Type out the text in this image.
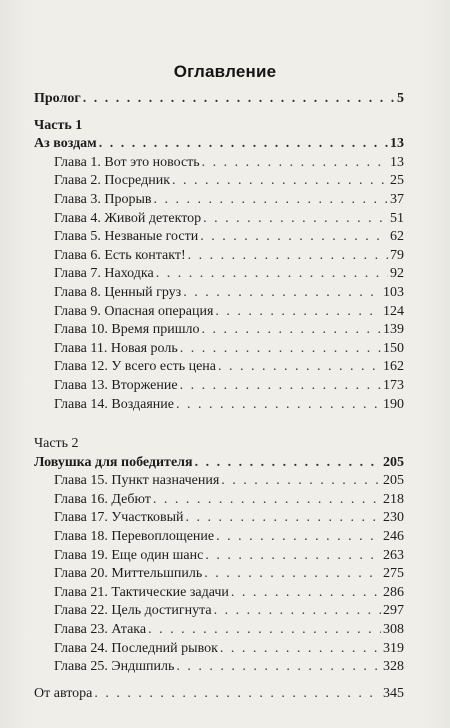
Оглавление
Пролог . . .	5
Часть 1
Аз воздам . . .	13
Глава 1. Вот это новость . . .	13
Глава 2. Посредник . . .	25
Глава 3. Прорыв . . .	37
Глава 4. Живой детектор . . .	51
Глава 5. Незваные гости . . .	62
Глава 6. Есть контакт! . . .	79
Глава 7. Находка . . .	92
Глава 8. Ценный груз . . .	103
Глава 9. Опасная операция . . .	124
Глава 10. Время пришло . . .	139
Глава 11. Новая роль . . .	150
Глава 12. У всего есть цена . . .	162
Глава 13. Вторжение . . .	173
Глава 14. Воздаяние . . .	190
Часть 2
Ловушка для победителя . . .	205
Глава 15. Пункт назначения . . .	205
Глава 16. Дебют . . .	218
Глава 17. Участковый . . .	230
Глава 18. Перевоплощение . . .	246
Глава 19. Еще один шанс . . .	263
Глава 20. Миттельшпиль . . .	275
Глава 21. Тактические задачи . . .	286
Глава 22. Цель достигнута . . .	297
Глава 23. Атака . . .	308
Глава 24. Последний рывок . . .	319
Глава 25. Эндшпиль . . .	328
От автора . . .	345
